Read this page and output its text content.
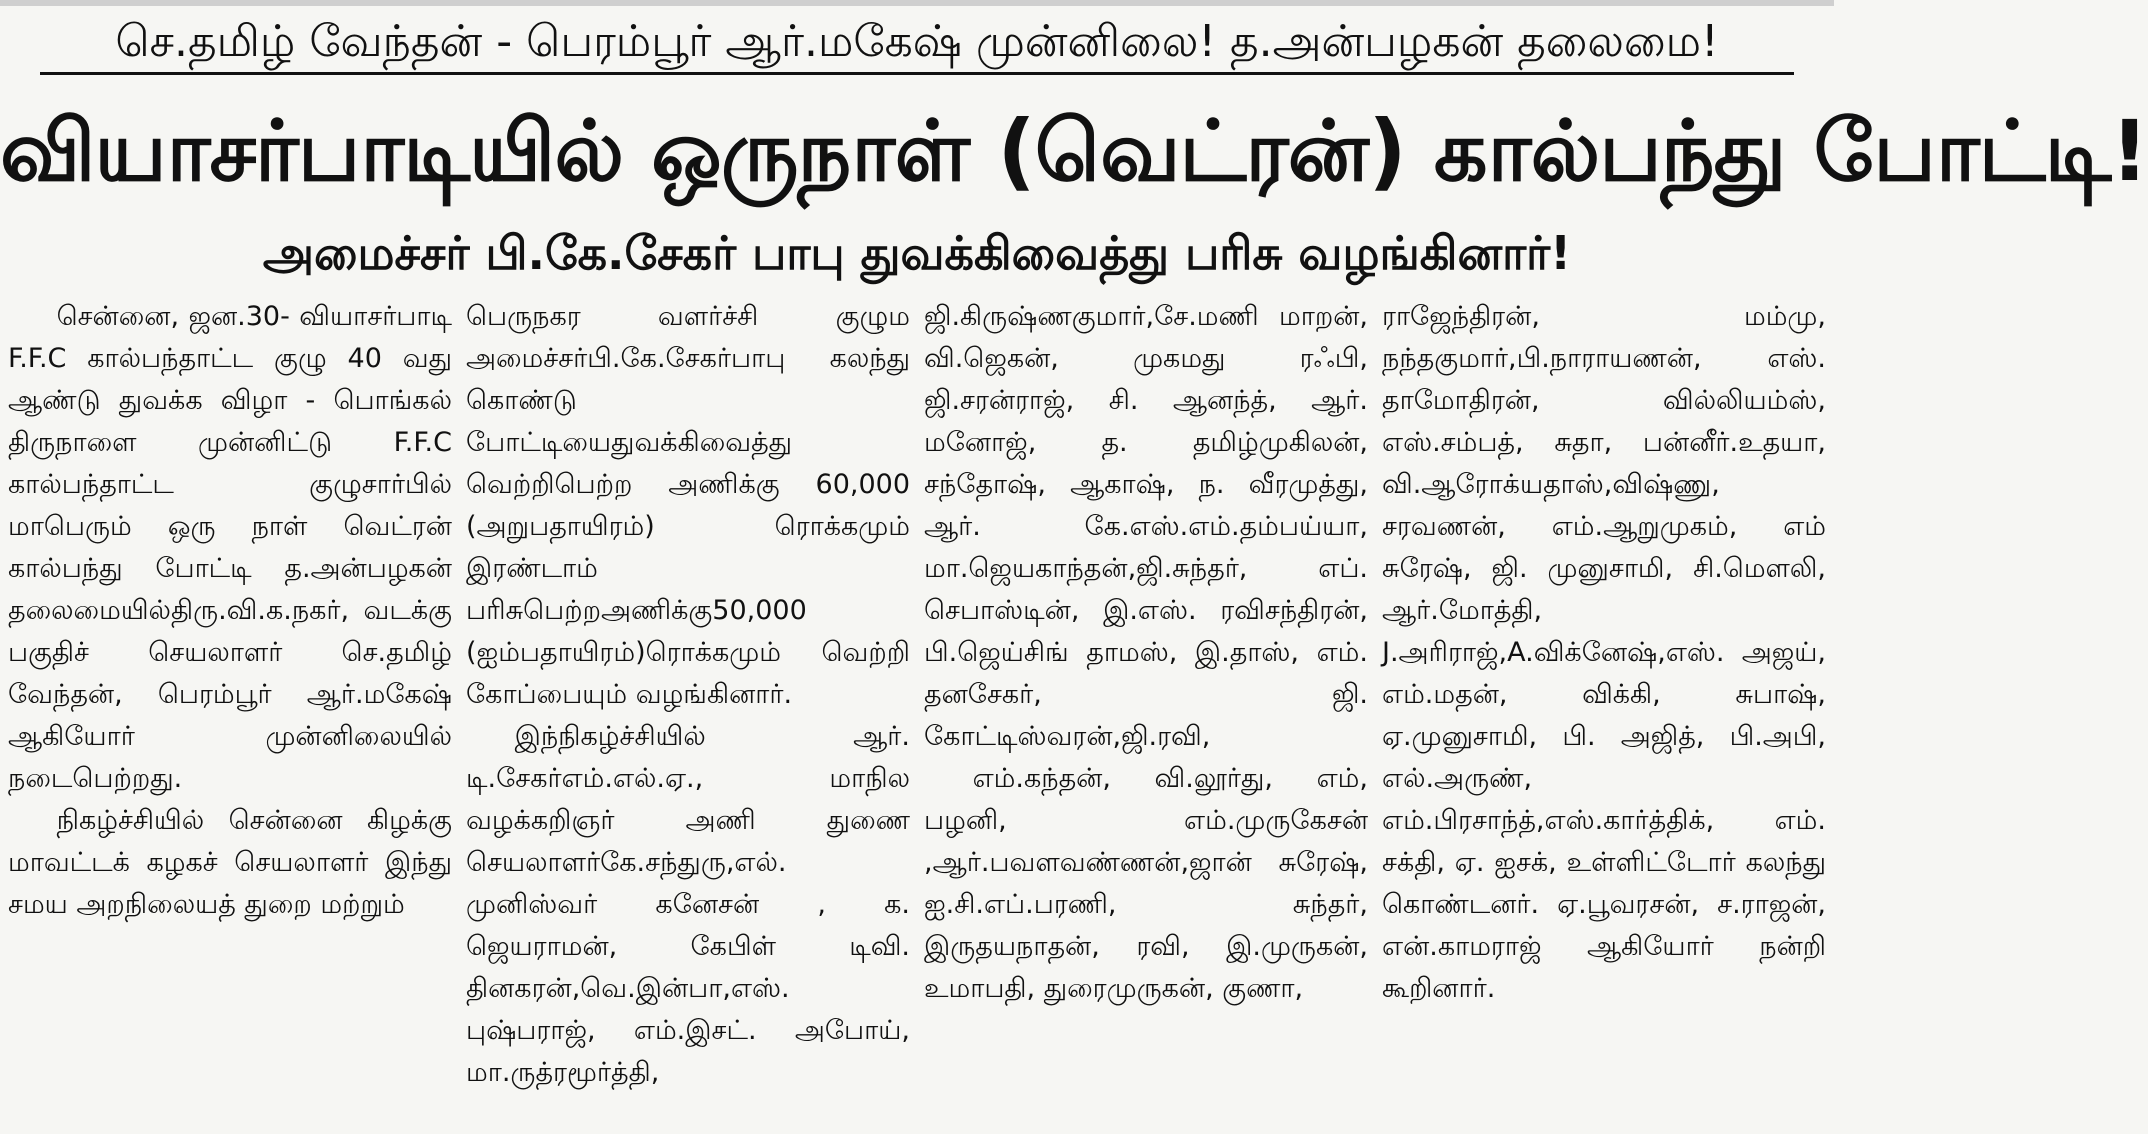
செ.தமிழ் வேந்தன் - பெரம்பூர் ஆர்.மகேஷ் முன்னிலை! த.அன்பழகன் தலைமை!
வியாசர்பாடியில் ஒருநாள் (வெட்ரன்) கால்பந்து போட்டி!
அமைச்சர் பி.கே.சேகர் பாபு துவக்கிவைத்து பரிசு வழங்கினார்!

சென்னை, ஜன.30- வியாசர்பாடி F.F.C கால்பந்தாட்ட குழு 40 வது ஆண்டு துவக்க விழா - பொங்கல் திருநாளை முன்னிட்டு F.F.C கால்பந்தாட்ட குழுசார்பில் மாபெரும் ஒரு நாள் வெட்ரன் கால்பந்து போட்டி த.அன்பழகன் தலைமையில்திரு.வி.க.நகர், வடக்கு பகுதிச் செயலாளர் செ.தமிழ் வேந்தன், பெரம்பூர் ஆர்.மகேஷ் ஆகியோர் முன்னிலையில் நடைபெற்றது.

நிகழ்ச்சியில் சென்னை கிழக்கு மாவட்டக் கழகச் செயலாளர் இந்து சமய அறநிலையத் துறை மற்றும்

பெருநகர வளர்ச்சி குழும அமைச்சர்பி.கே.சேகர்பாபு கலந்து கொண்டு போட்டியைதுவக்கிவைத்து வெற்றிபெற்ற அணிக்கு 60,000 (அறுபதாயிரம்) ரொக்கமும் இரண்டாம் பரிசுபெற்றஅணிக்கு50,000 (ஐம்பதாயிரம்)ரொக்கமும் வெற்றி கோப்பையும் வழங்கினார்.

இந்நிகழ்ச்சியில் ஆர். டி.சேகர்எம்.எல்.ஏ., மாநில வழக்கறிஞர் அணி துணை செயலாளர்கே.சந்துரு,எல். முனிஸ்வர் கனேசன் , க. ஜெயராமன், கேபிள் டிவி. தினகரன்,வெ.இன்பா,எஸ். புஷ்பராஜ், எம்.இசட். அபோய், மா.ருத்ரமூர்த்தி,

ஜி.கிருஷ்ணகுமார்,சே.மணி மாறன், வி.ஜெகன், முகமது ரஃபி, ஜி.சரன்ராஜ், சி. ஆனந்த், ஆர். மனோஜ், த. தமிழ்முகிலன், சந்தோஷ், ஆகாஷ், ந. வீரமுத்து, ஆர். கே.எஸ்.எம்.தம்பய்யா, மா.ஜெயகாந்தன்,ஜி.சுந்தர், எப். செபாஸ்டின், இ.எஸ். ரவிசந்திரன், பி.ஜெய்சிங் தாமஸ், இ.தாஸ், எம். தனசேகர், ஜி. கோட்டிஸ்வரன்,ஜி.ரவி,

எம்.கந்தன், வி.லூர்து, எம், பழனி, எம்.முருகேசன் ,ஆர்.பவளவண்ணன்,ஜான் சுரேஷ், ஐ.சி.எப்.பரணி, சுந்தர், இருதயநாதன், ரவி, இ.முருகன், உமாபதி, துரைமுருகன், குணா,

ராஜேந்திரன், மம்மு, நந்தகுமார்,பி.நாராயணன், எஸ். தாமோதிரன், வில்லியம்ஸ், எஸ்.சம்பத், சுதா, பன்னீர்.உதயா, வி.ஆரோக்யதாஸ்,விஷ்ணு, சரவணன், எம்.ஆறுமுகம், எம் சுரேஷ், ஜி. முனுசாமி, சி.மெளலி, ஆர்.மோத்தி, J.அரிராஜ்,A.விக்னேஷ்,எஸ். அஜய், எம்.மதன், விக்கி, சுபாஷ், ஏ.முனுசாமி, பி. அஜித், பி.அபி, எல்.அருண், எம்.பிரசாந்த்,எஸ்.கார்த்திக், எம். சக்தி, ஏ. ஐசக், உள்ளிட்டோர் கலந்து கொண்டனர். ஏ.பூவரசன், ச.ராஜன், என்.காமராஜ் ஆகியோர் நன்றி கூறினார்.
